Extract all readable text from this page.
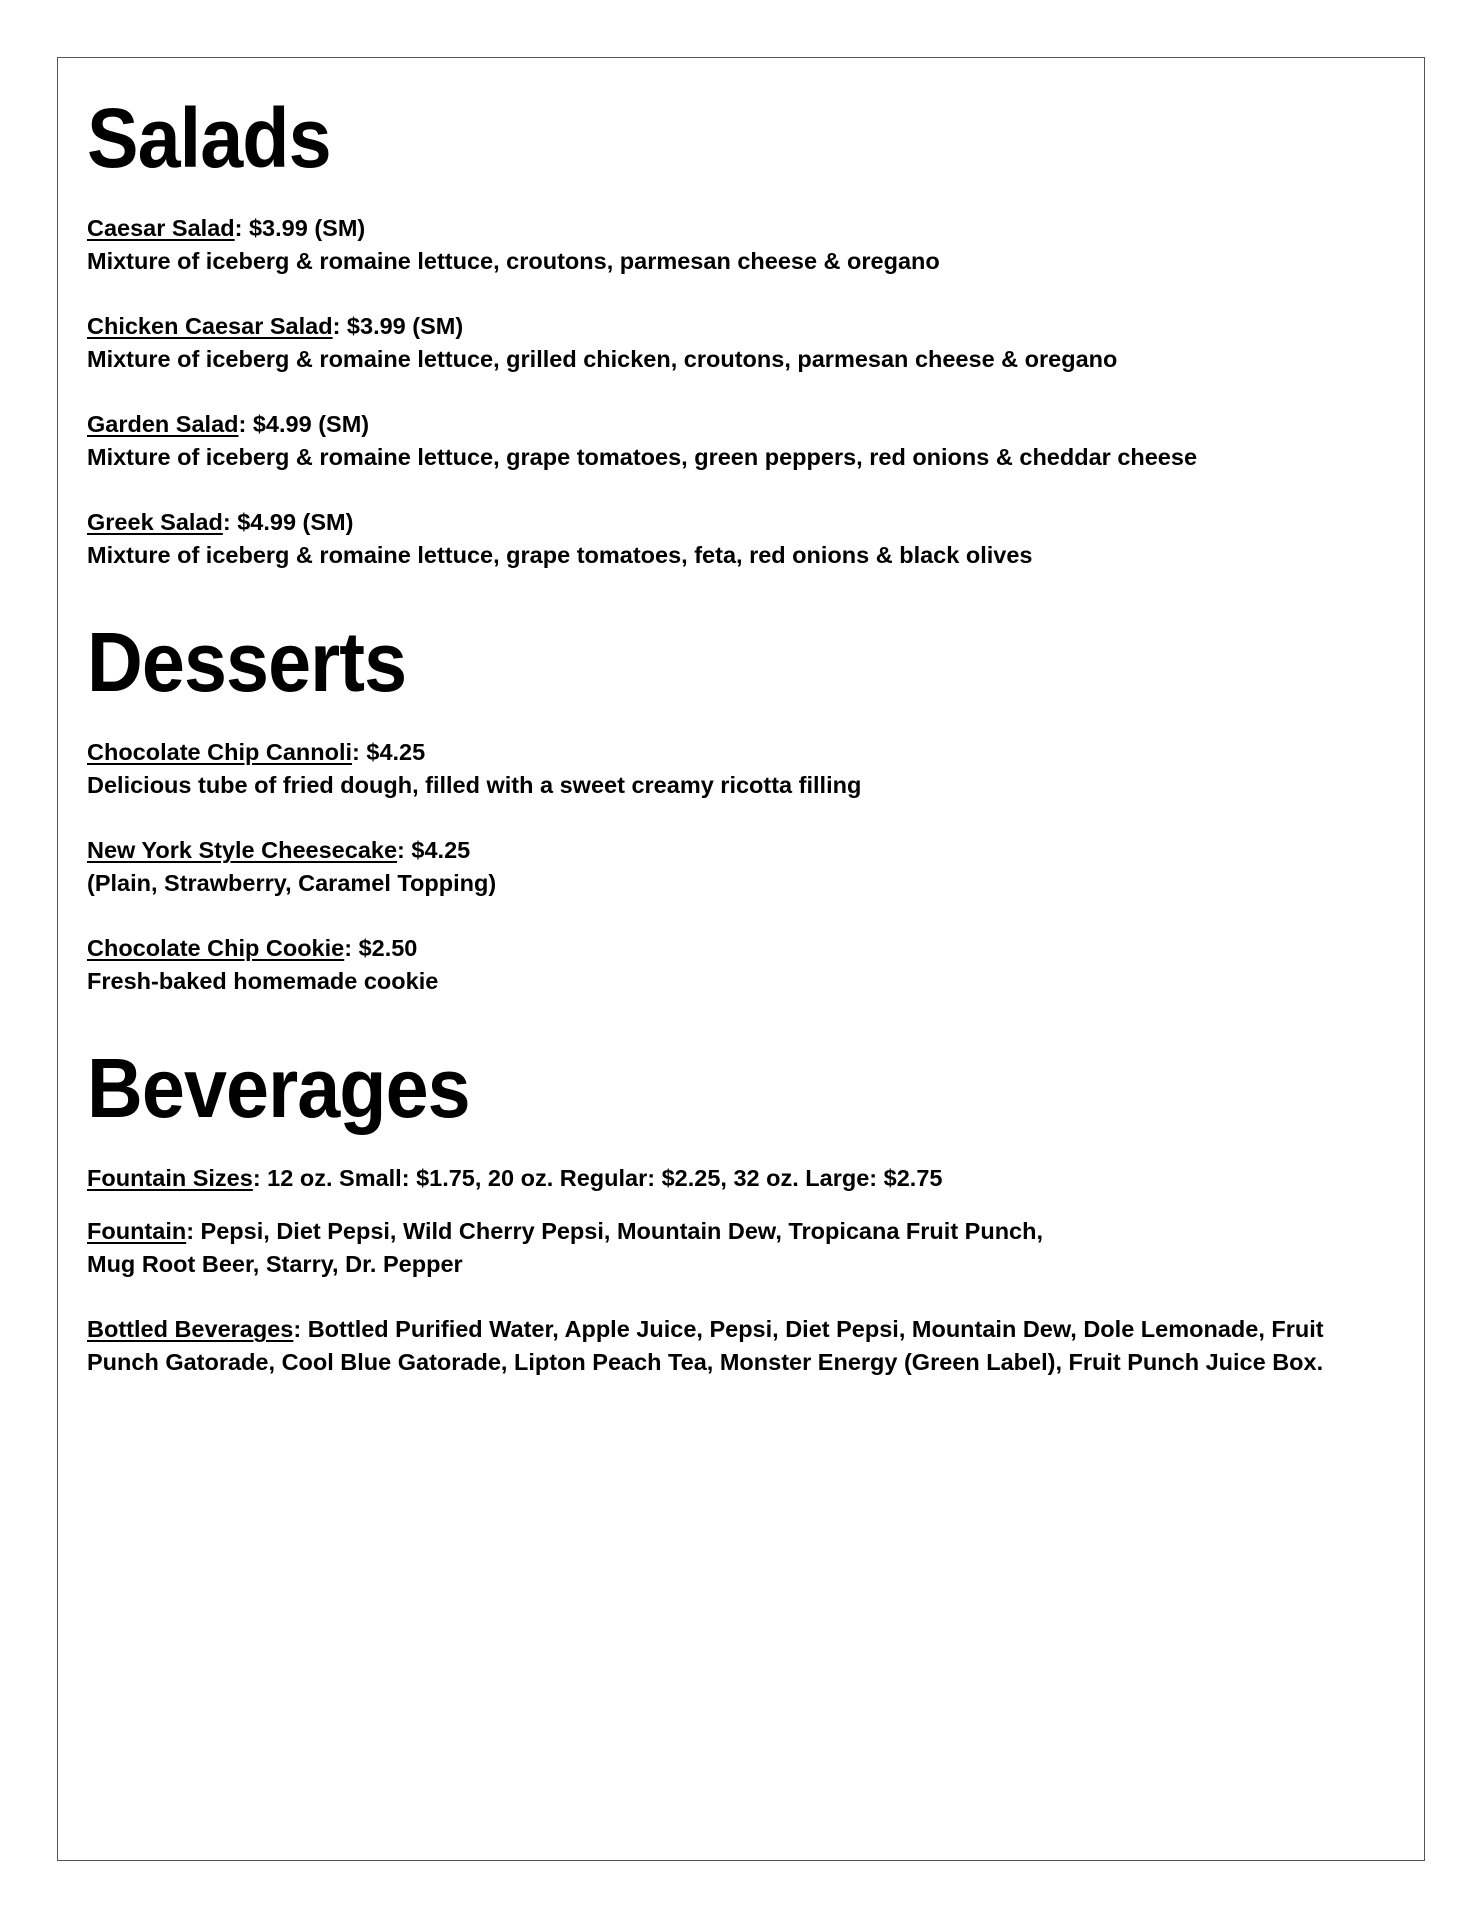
Salads
Caesar Salad: $3.99 (SM)
Mixture of iceberg & romaine lettuce, croutons, parmesan cheese & oregano
Chicken Caesar Salad: $3.99 (SM)
Mixture of iceberg & romaine lettuce, grilled chicken, croutons, parmesan cheese & oregano
Garden Salad: $4.99 (SM)
Mixture of iceberg & romaine lettuce, grape tomatoes, green peppers, red onions & cheddar cheese
Greek Salad: $4.99 (SM)
Mixture of iceberg & romaine lettuce, grape tomatoes, feta, red onions & black olives
Desserts
Chocolate Chip Cannoli: $4.25
Delicious tube of fried dough, filled with a sweet creamy ricotta filling
New York Style Cheesecake: $4.25
(Plain, Strawberry, Caramel Topping)
Chocolate Chip Cookie: $2.50
Fresh-baked homemade cookie
Beverages
Fountain Sizes: 12 oz. Small: $1.75, 20 oz. Regular: $2.25, 32 oz. Large: $2.75
Fountain: Pepsi, Diet Pepsi, Wild Cherry Pepsi, Mountain Dew, Tropicana Fruit Punch,
Mug Root Beer, Starry, Dr. Pepper
Bottled Beverages: Bottled Purified Water, Apple Juice, Pepsi, Diet Pepsi, Mountain Dew, Dole Lemonade, Fruit
Punch Gatorade, Cool Blue Gatorade, Lipton Peach Tea, Monster Energy (Green Label), Fruit Punch Juice Box.
